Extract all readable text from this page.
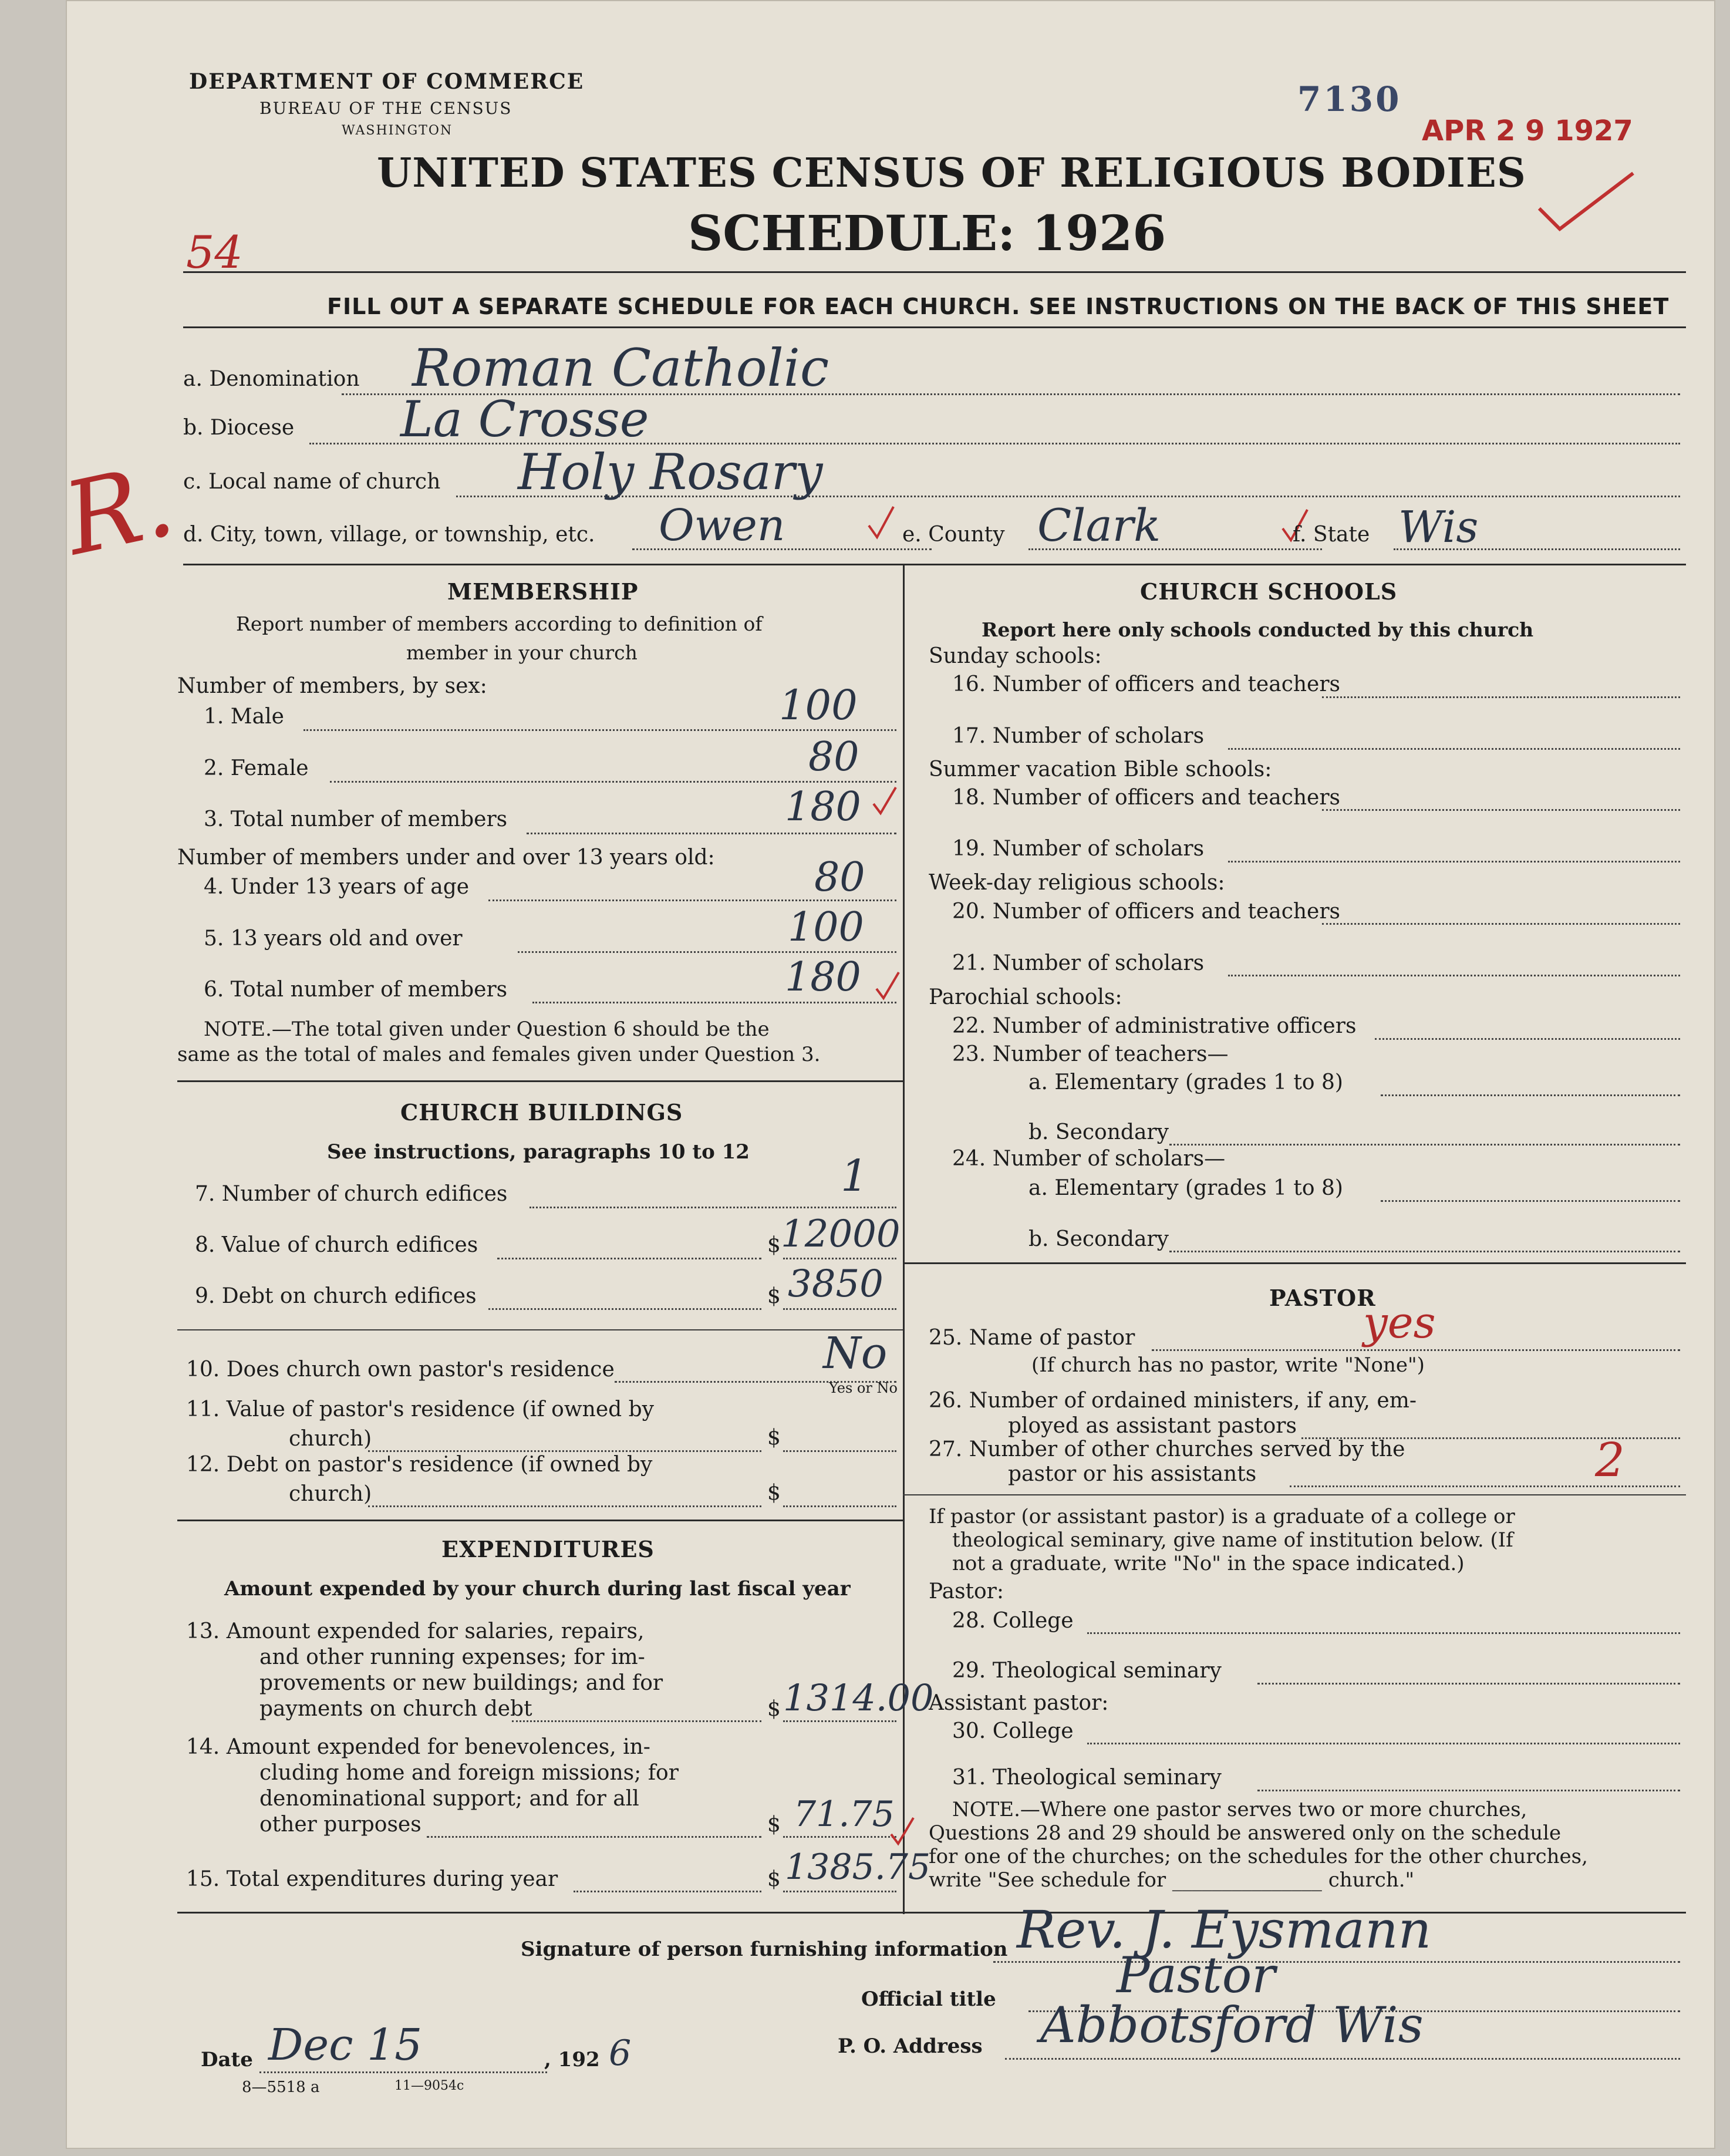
DEPARTMENT OF COMMERCE
BUREAU OF THE CENSUS
WASHINGTON
7130
APR 2 9 1927
54
UNITED STATES CENSUS OF RELIGIOUS BODIES
SCHEDULE: 1926
FILL OUT A SEPARATE SCHEDULE FOR EACH CHURCH. SEE INSTRUCTIONS ON THE BACK OF THIS SHEET
a. Denomination Roman Catholic
b. Diocese La Crosse
c. Local name of church Holy Rosary
R. d. City, town, village, or township, etc. Owen	e. County Clark	f. State Wis
MEMBERSHIP
Report number of members according to definition of
member in your church
Number of members, by sex:
1. Male	100
2. Female	80
3. Total number of members	180
Number of members under and over 13 years old:
4. Under 13 years of age	80
5. 13 years old and over	100
6. Total number of members	180
NOTE.—The total given under Question 6 should be the
same as the total of males and females given under Question 3.
CHURCH BUILDINGS
See instructions, paragraphs 10 to 12
7. Number of church edifices	1
8. Value of church edifices	$ 12000
9. Debt on church edifices	$ 3850
10. Does church own pastor's residence	No
Yes or No
11. Value of pastor's residence (if owned by
church)	$
12. Debt on pastor's residence (if owned by
church)	$
EXPENDITURES
Amount expended by your church during last fiscal year
13. Amount expended for salaries, repairs,
and other running expenses; for im-
provements or new buildings; and for
payments on church debt	$ 1314.00
14. Amount expended for benevolences, in-
cluding home and foreign missions; for
denominational support; and for all
other purposes	$ 71.75
15. Total expenditures during year	$ 1385.75
CHURCH SCHOOLS
Report here only schools conducted by this church
Sunday schools:
16. Number of officers and teachers
17. Number of scholars
Summer vacation Bible schools:
18. Number of officers and teachers
19. Number of scholars
Week-day religious schools:
20. Number of officers and teachers
21. Number of scholars
Parochial schools:
22. Number of administrative officers
23. Number of teachers—
a. Elementary (grades 1 to 8)
b. Secondary
24. Number of scholars—
a. Elementary (grades 1 to 8)
b. Secondary
PASTOR
25. Name of pastor	yes
(If church has no pastor, write "None")
26. Number of ordained ministers, if any, em-
ployed as assistant pastors
27. Number of other churches served by the
pastor or his assistants	2
If pastor (or assistant pastor) is a graduate of a college or
theological seminary, give name of institution below. (If
not a graduate, write "No" in the space indicated.)
Pastor:
28. College
29. Theological seminary
Assistant pastor:
30. College
31. Theological seminary
NOTE.—Where one pastor serves two or more churches,
Questions 28 and 29 should be answered only on the schedule
for one of the churches; on the schedules for the other churches,
write "See schedule for _______________ church."
Signature of person furnishing information Rev. J. Eysmann
Official title Pastor
P. O. Address Abbotsford Wis
Date Dec 15	, 192 6
8—5518 a	11—9054c
